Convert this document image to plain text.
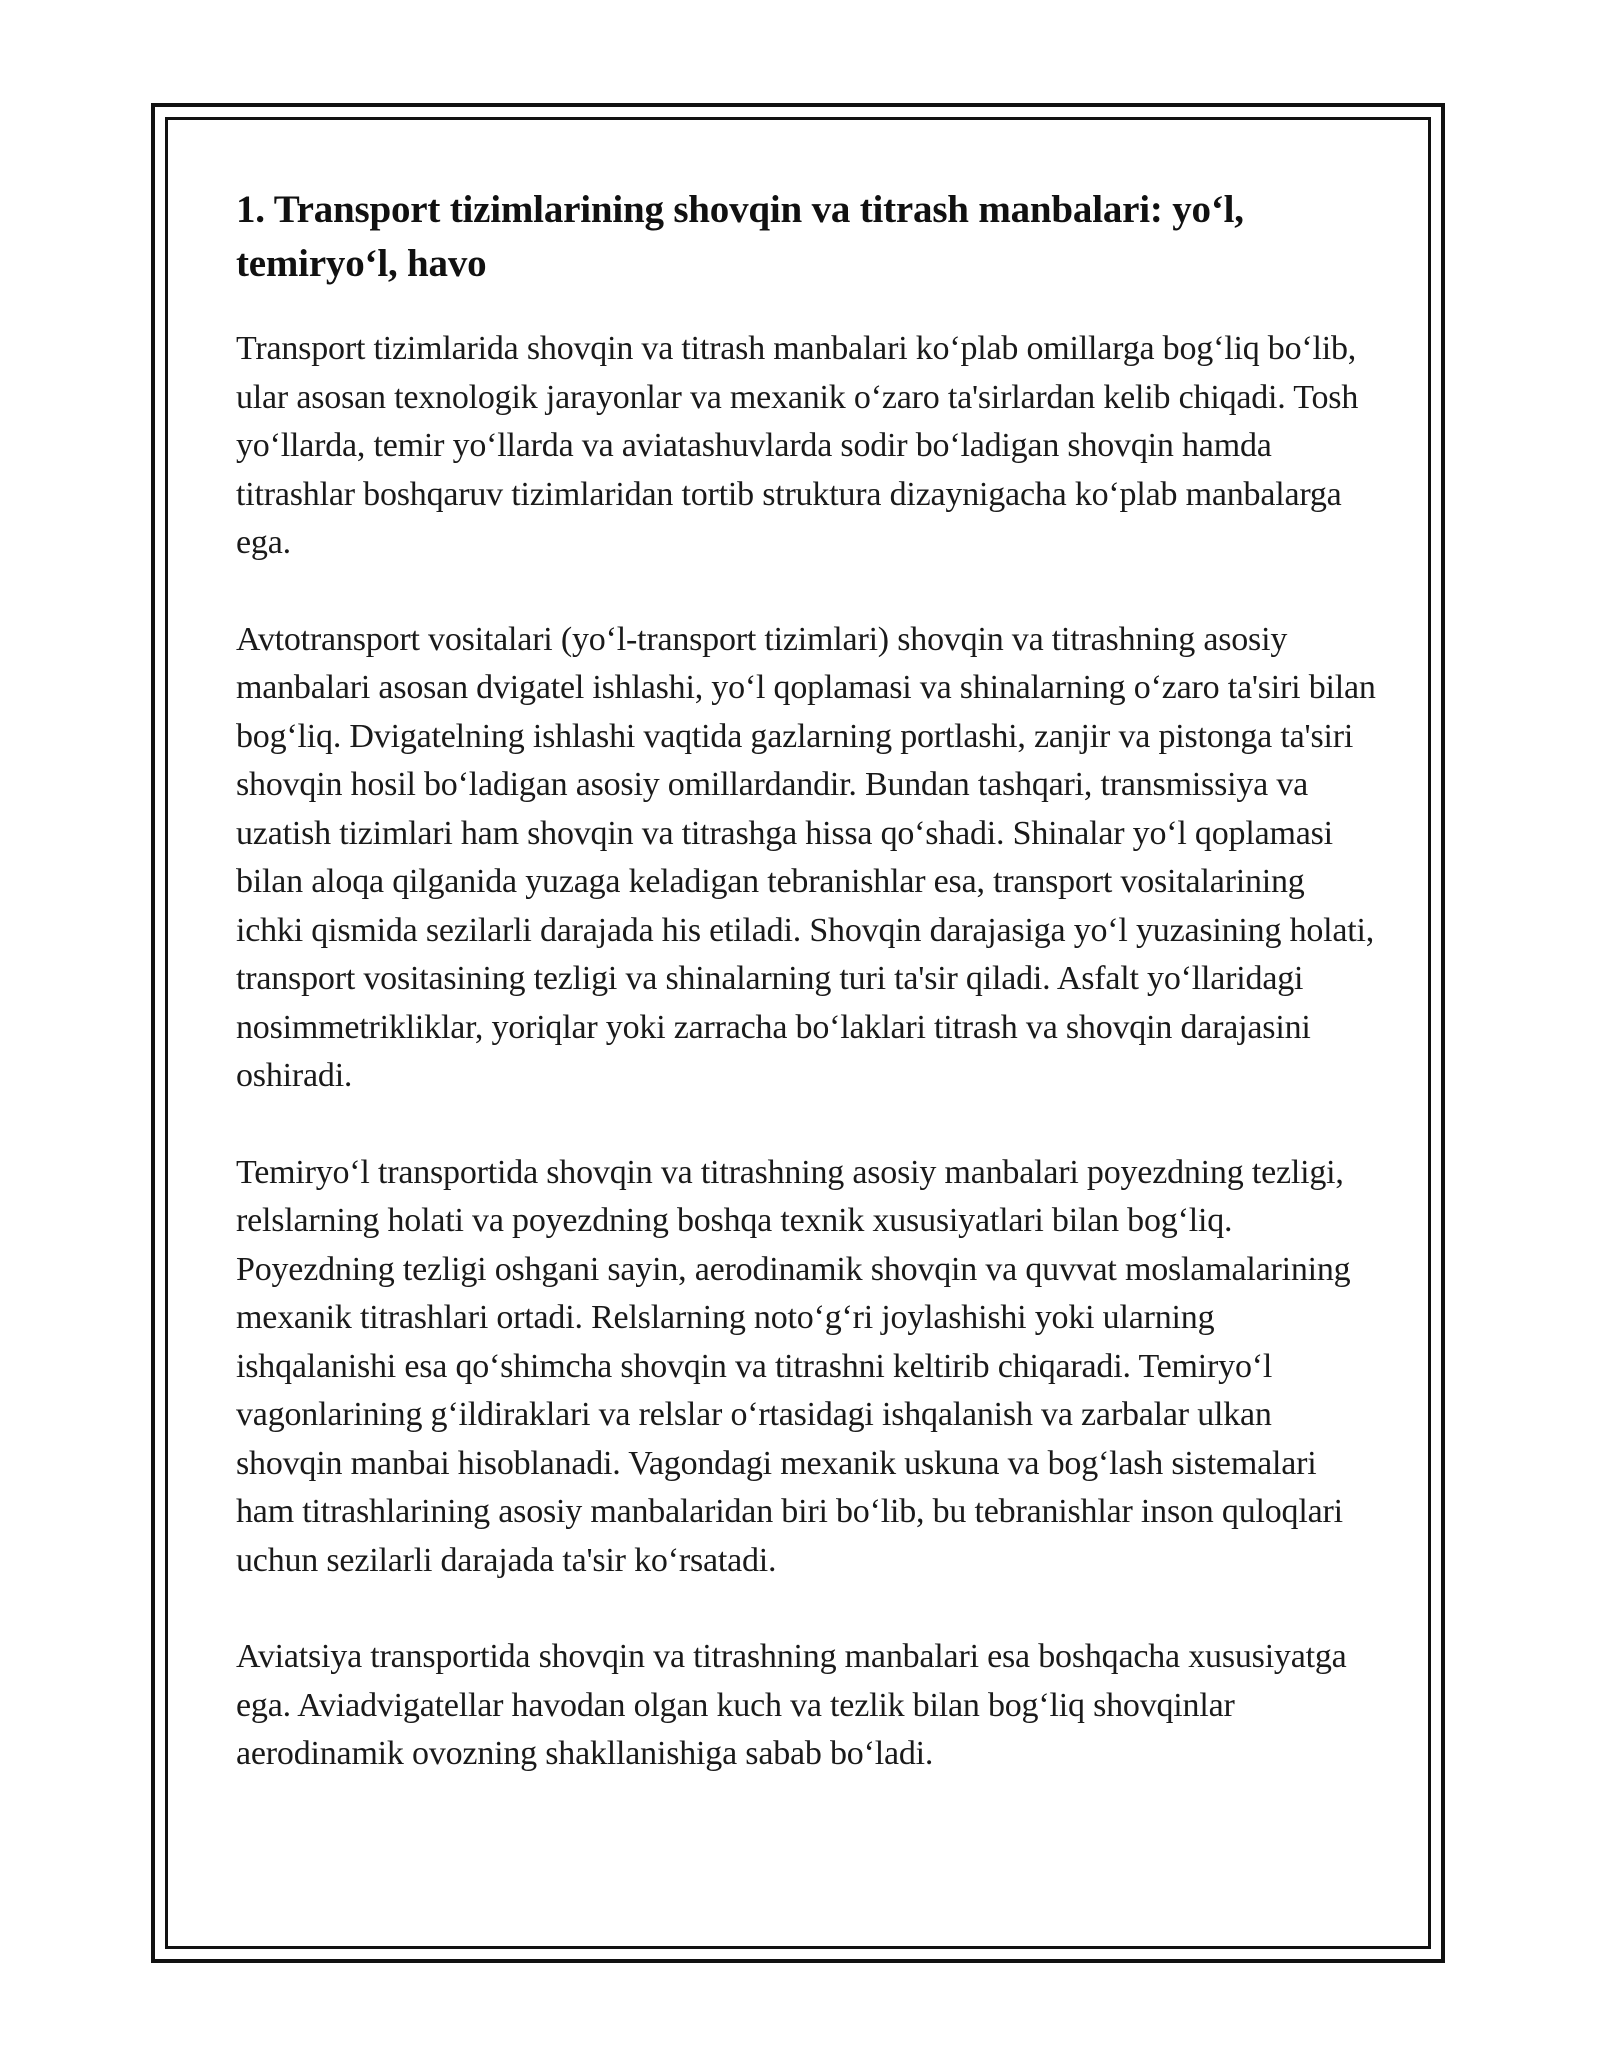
1. Transport tizimlarining shovqin va titrash manbalari: yo‘l, temiryo‘l, havo

Transport tizimlarida shovqin va titrash manbalari ko‘plab omillarga bog‘liq bo‘lib, ular asosan texnologik jarayonlar va mexanik o‘zaro ta'sirlardan kelib chiqadi. Tosh yo‘llarda, temir yo‘llarda va aviatashuvlarda sodir bo‘ladigan shovqin hamda titrashlar boshqaruv tizimlaridan tortib struktura dizaynigacha ko‘plab manbalarga ega.

Avtotransport vositalari (yo‘l-transport tizimlari) shovqin va titrashning asosiy manbalari asosan dvigatel ishlashi, yo‘l qoplamasi va shinalarning o‘zaro ta'siri bilan bog‘liq. Dvigatelning ishlashi vaqtida gazlarning portlashi, zanjir va pistonga ta'siri shovqin hosil bo‘ladigan asosiy omillardandir. Bundan tashqari, transmissiya va uzatish tizimlari ham shovqin va titrashga hissa qo‘shadi. Shinalar yo‘l qoplamasi bilan aloqa qilganida yuzaga keladigan tebranishlar esa, transport vositalarining ichki qismida sezilarli darajada his etiladi. Shovqin darajasiga yo‘l yuzasining holati, transport vositasining tezligi va shinalarning turi ta'sir qiladi. Asfalt yo‘llaridagi nosimmetrikliklar, yoriqlar yoki zarracha bo‘laklari titrash va shovqin darajasini oshiradi.

Temiryo‘l transportida shovqin va titrashning asosiy manbalari poyezdning tezligi, relslarning holati va poyezdning boshqa texnik xususiyatlari bilan bog‘liq. Poyezdning tezligi oshgani sayin, aerodinamik shovqin va quvvat moslamalarining mexanik titrashlari ortadi. Relslarning noto‘g‘ri joylashishi yoki ularning ishqalanishi esa qo‘shimcha shovqin va titrashni keltirib chiqaradi. Temiryo‘l vagonlarining g‘ildiraklari va relslar o‘rtasidagi ishqalanish va zarbalar ulkan shovqin manbai hisoblanadi. Vagondagi mexanik uskuna va bog‘lash sistemalari ham titrashlarining asosiy manbalaridan biri bo‘lib, bu tebranishlar inson quloqlari uchun sezilarli darajada ta'sir ko‘rsatadi.

Aviatsiya transportida shovqin va titrashning manbalari esa boshqacha xususiyatga ega. Aviadvigatellar havodan olgan kuch va tezlik bilan bog‘liq shovqinlar aerodinamik ovozning shakllanishiga sabab bo‘ladi.
